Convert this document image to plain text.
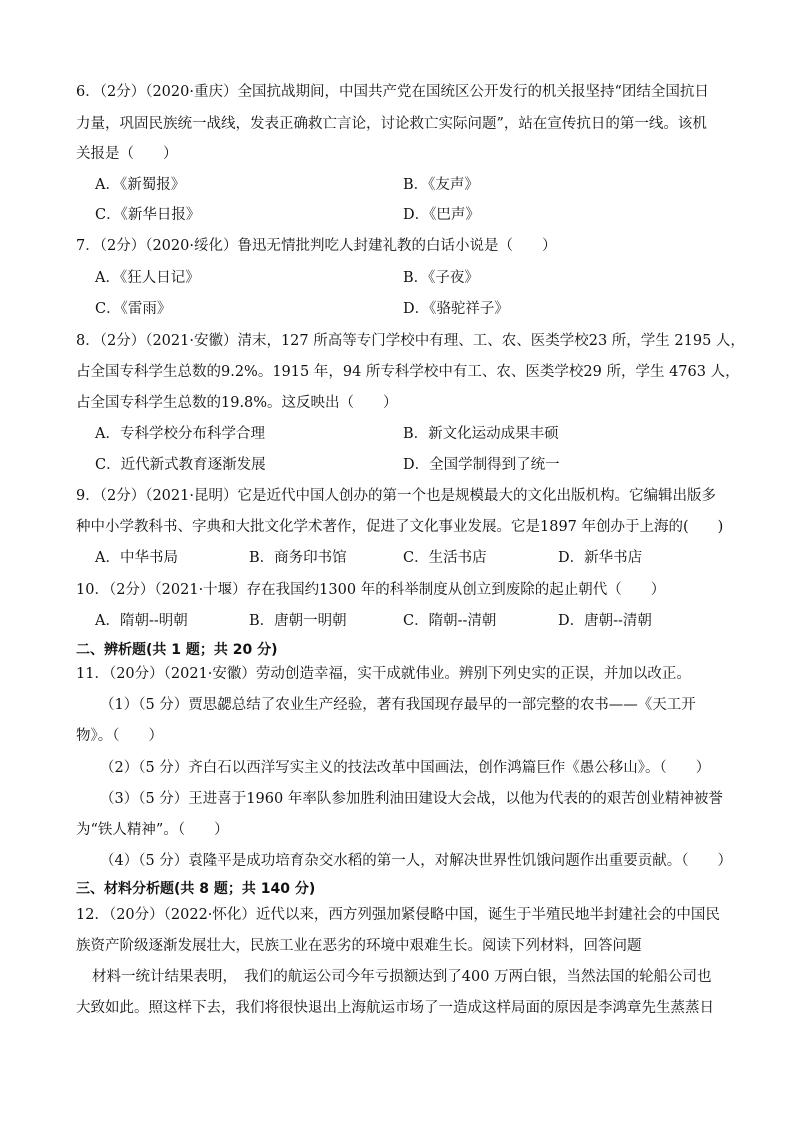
6．（2分）（2020·重庆）全国抗战期间，中国共产党在国统区公开发行的机关报坚持“团结全国抗日
力量，巩固民族统一战线，发表正确救亡言论，讨论救亡实际问题”，站在宣传抗日的第一线。该机
关报是（　　）
A．《新蜀报》	B．《友声》
C．《新华日报》	D．《巴声》
7．（2分）（2020·绥化）鲁迅无情批判吃人封建礼教的白话小说是（　　）
A．《狂人日记》	B．《子夜》
C．《雷雨》	D．《骆驼祥子》
8．（2分）（2021·安徽）清末，127 所高等专门学校中有理、工、农、医类学校23 所，学生 2195 人，
占全国专科学生总数的9.2%。1915 年，94 所专科学校中有工、农、医类学校29 所，学生 4763 人，
占全国专科学生总数的19.8%。这反映出（　　）
A．专科学校分布科学合理	B．新文化运动成果丰硕
C．近代新式教育逐渐发展	D．全国学制得到了统一
9．（2分）（2021·昆明）它是近代中国人创办的第一个也是规模最大的文化出版机构。它编辑出版多
种中小学教科书、字典和大批文化学术著作，促进了文化事业发展。它是1897 年创办于上海的(　　)
A．中华书局	B．商务印书馆	C．生活书店	D．新华书店
10．（2分）（2021·十堰）存在我国约1300 年的科举制度从创立到废除的起止朝代（　　）
A．隋朝--明朝	B．唐朝一明朝	C．隋朝--清朝	D．唐朝--清朝
二、辨析题(共 1 题；共 20 分)
11．（20分）（2021·安徽）劳动创造幸福，实干成就伟业。辨别下列史实的正误，并加以改正。
（1）（5 分）贾思勰总结了农业生产经验，著有我国现存最早的一部完整的农书——《天工开
物》。（　　）
（2）（5 分）齐白石以西洋写实主义的技法改革中国画法，创作鸿篇巨作《愚公移山》。（　　）
（3）（5 分）王进喜于1960 年率队参加胜利油田建设大会战，以他为代表的的艰苦创业精神被誉
为“铁人精神”。（　　）
（4）（5 分）袁隆平是成功培育杂交水稻的第一人，对解决世界性饥饿问题作出重要贡献。（　　）
三、材料分析题(共 8 题；共 140 分)
12．（20分）（2022·怀化）近代以来，西方列强加紧侵略中国，诞生于半殖民地半封建社会的中国民
族资产阶级逐渐发展壮大，民族工业在恶劣的环境中艰难生长。阅读下列材料，回答问题
材料一统计结果表明，　我们的航运公司今年亏损额达到了400 万两白银，当然法国的轮船公司也
大致如此。照这样下去，我们将很快退出上海航运市场了一造成这样局面的原因是李鸿章先生蒸蒸日
